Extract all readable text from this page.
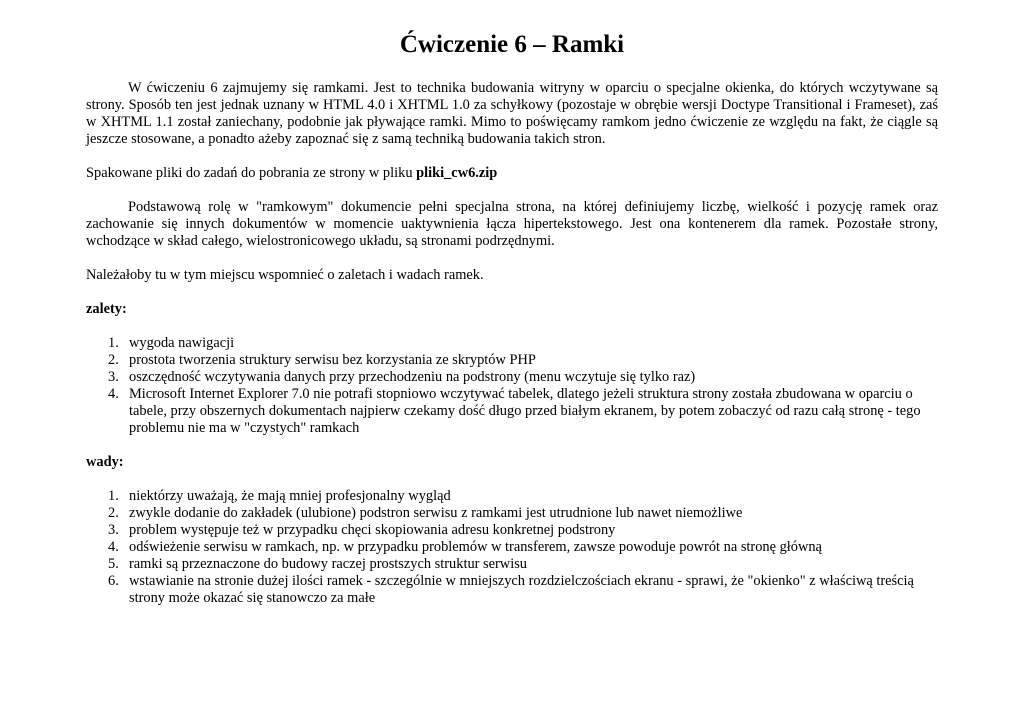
Ćwiczenie 6 – Ramki

W ćwiczeniu 6 zajmujemy się ramkami. Jest to technika budowania witryny w oparciu o specjalne okienka, do których wczytywane są strony. Sposób ten jest jednak uznany w HTML 4.0 i XHTML 1.0 za schyłkowy (pozostaje w obrębie wersji Doctype Transitional i Frameset), zaś w XHTML 1.1 został zaniechany, podobnie jak pływające ramki. Mimo to poświęcamy ramkom jedno ćwiczenie ze względu na fakt, że ciągle są jeszcze stosowane, a ponadto ażeby zapoznać się z samą techniką budowania takich stron.

Spakowane pliki do zadań do pobrania ze strony w pliku pliki_cw6.zip

Podstawową rolę w "ramkowym" dokumencie pełni specjalna strona, na której definiujemy liczbę, wielkość i pozycję ramek oraz zachowanie się innych dokumentów w momencie uaktywnienia łącza hipertekstowego. Jest ona kontenerem dla ramek. Pozostałe strony, wchodzące w skład całego, wielostronicowego układu, są stronami podrzędnymi.

Należałoby tu w tym miejscu wspomnieć o zaletach i wadach ramek.

zalety:

1. wygoda nawigacji
2. prostota tworzenia struktury serwisu bez korzystania ze skryptów PHP
3. oszczędność wczytywania danych przy przechodzeniu na podstrony (menu wczytuje się tylko raz)
4. Microsoft Internet Explorer 7.0 nie potrafi stopniowo wczytywać tabelek, dlatego jeżeli struktura strony została zbudowana w oparciu o tabele, przy obszernych dokumentach najpierw czekamy dość długo przed białym ekranem, by potem zobaczyć od razu całą stronę - tego problemu nie ma w "czystych" ramkach

wady:

1. niektórzy uważają, że mają mniej profesjonalny wygląd
2. zwykle dodanie do zakładek (ulubione) podstron serwisu z ramkami jest utrudnione lub nawet niemożliwe
3. problem występuje też w przypadku chęci skopiowania adresu konkretnej podstrony
4. odświeżenie serwisu w ramkach, np. w przypadku problemów w transferem, zawsze powoduje powrót na stronę główną
5. ramki są przeznaczone do budowy raczej prostszych struktur serwisu
6. wstawianie na stronie dużej ilości ramek - szczególnie w mniejszych rozdzielczościach ekranu - sprawi, że "okienko" z właściwą treścią strony może okazać się stanowczo za małe
